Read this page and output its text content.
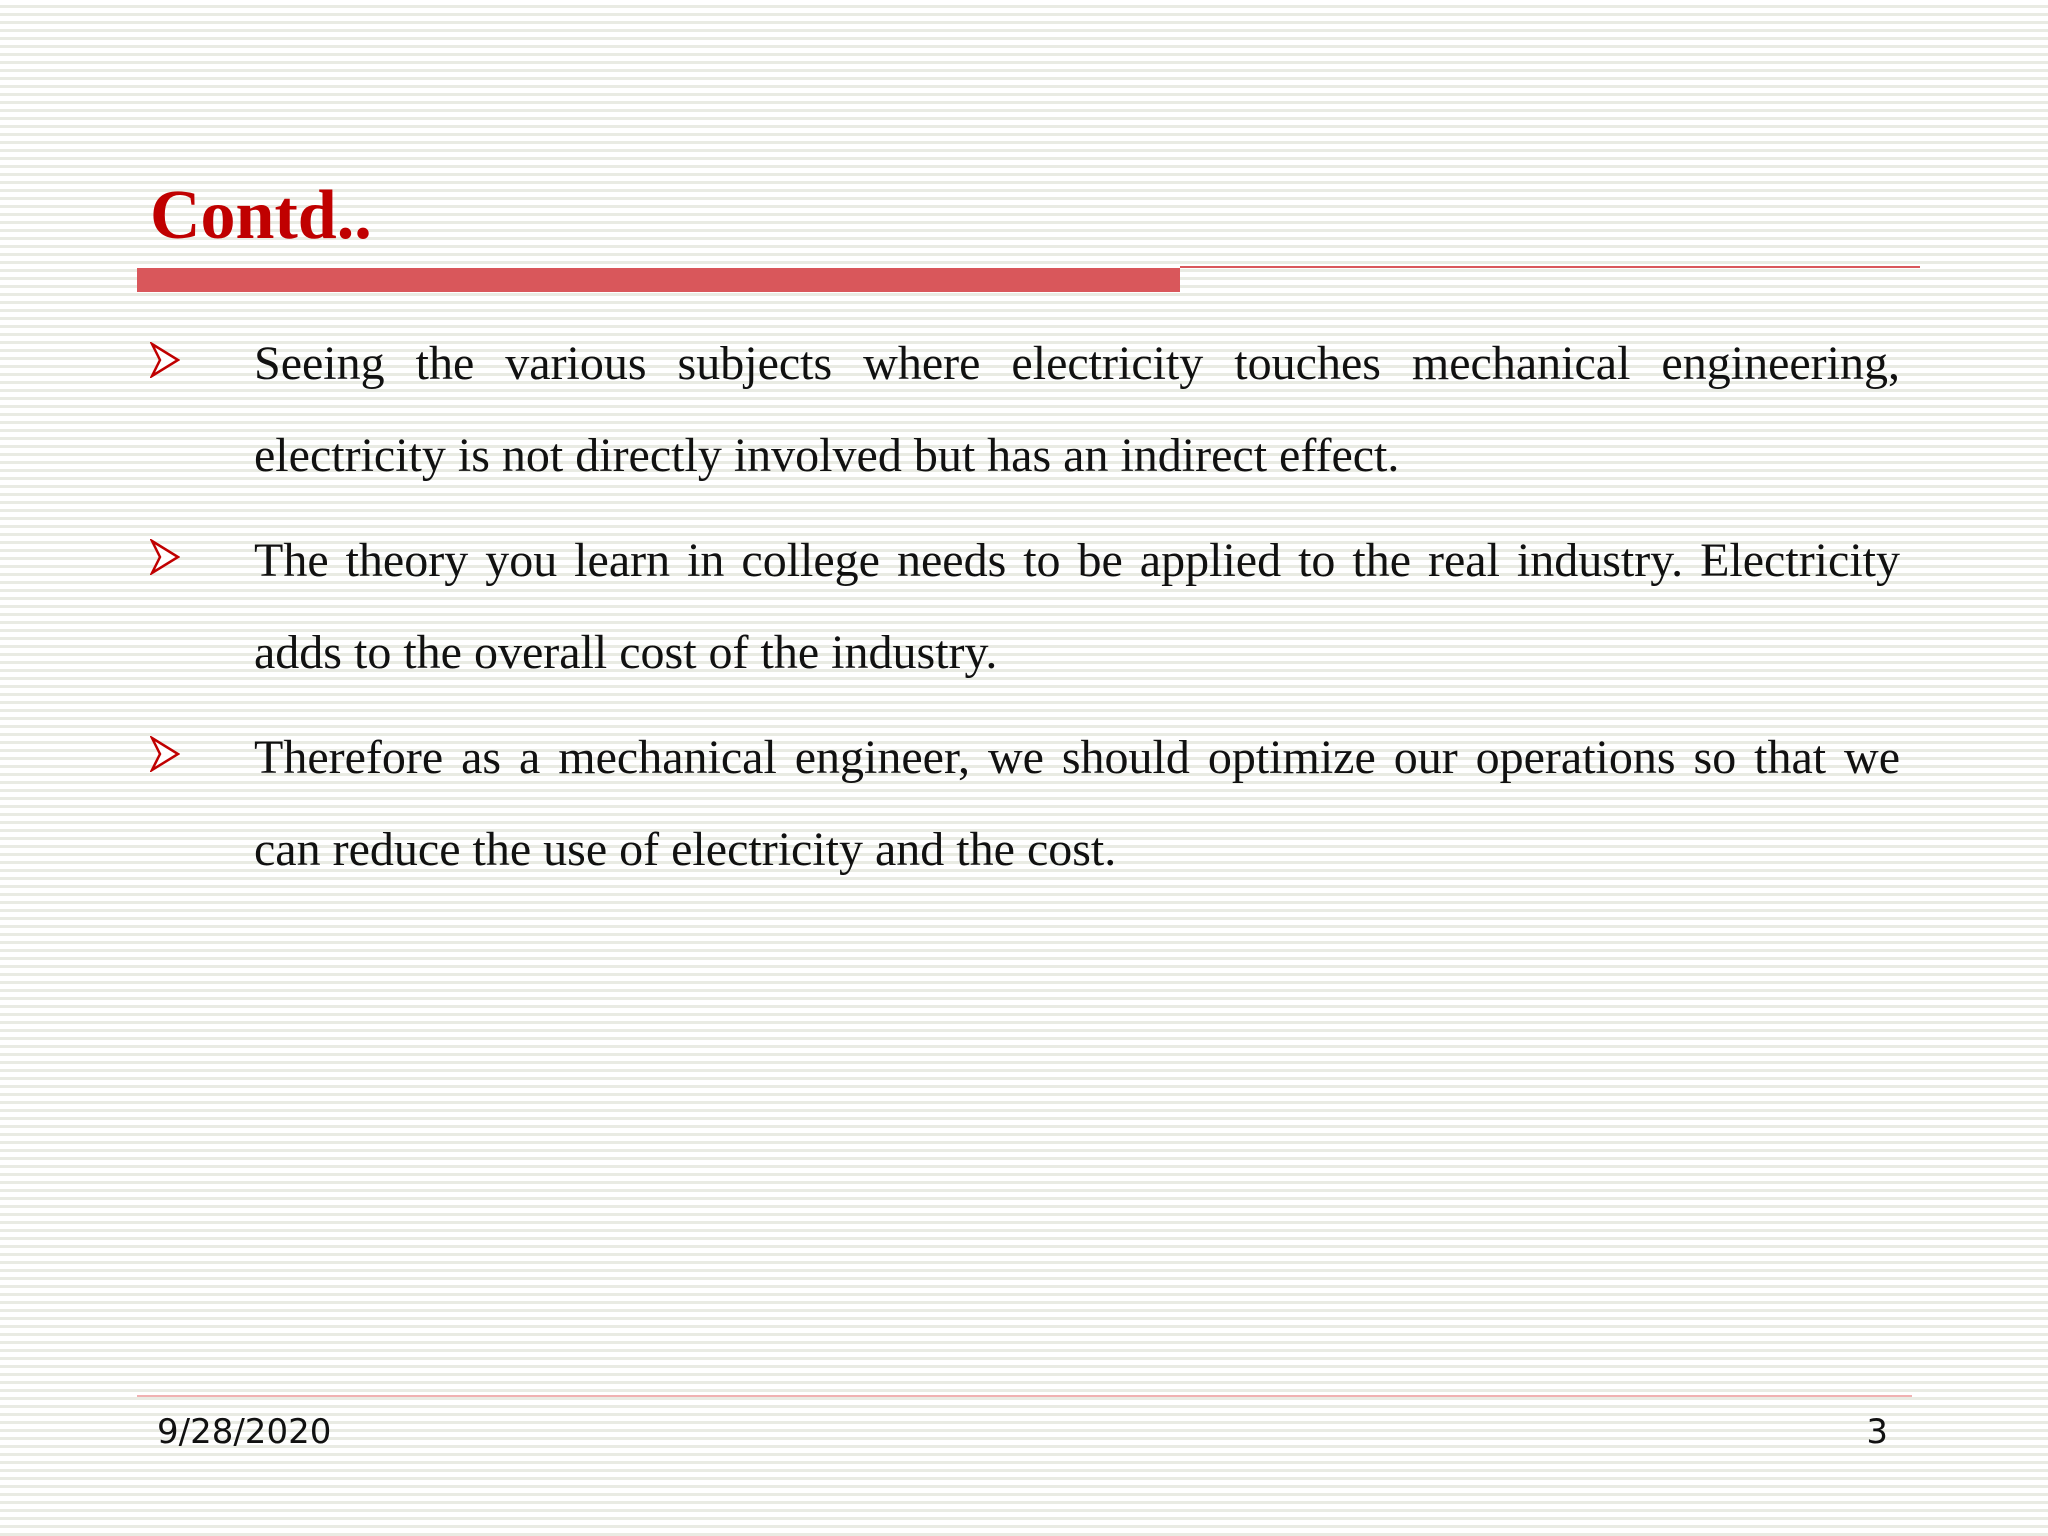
Contd..
Seeing the various subjects where electricity touches mechanical engineering, electricity is not directly involved but has an indirect effect.
The theory you learn in college needs to be applied to the real industry. Electricity adds to the overall cost of the industry.
Therefore as a mechanical engineer, we should optimize our operations so that we can reduce the use of electricity and the cost.
9/28/2020	3
